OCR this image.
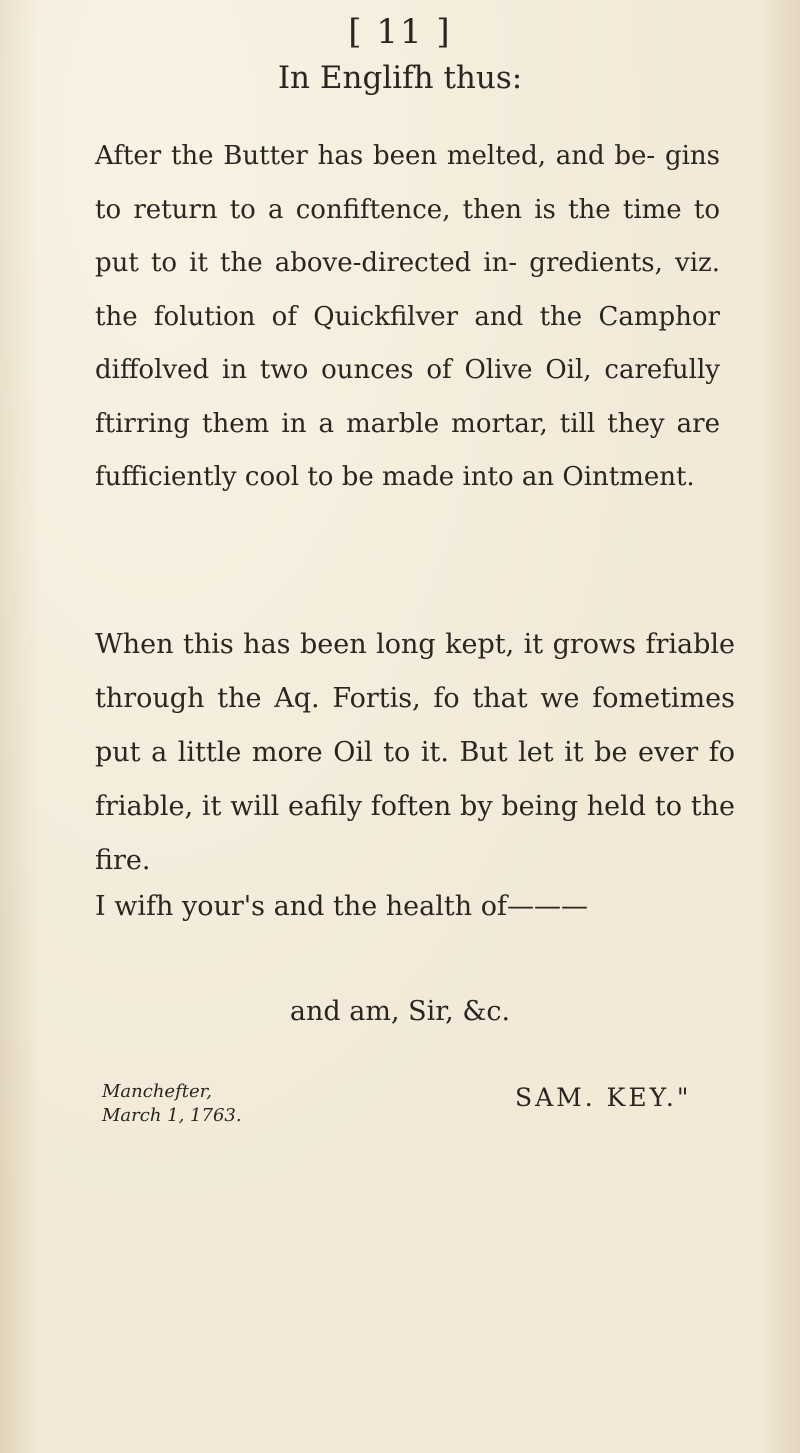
[ 11 ]
In Englifh thus:
After the Butter has been melted, and be- gins to return to a confiftence, then is the time to put to it the above-directed in- gredients, viz. the folution of Quickfilver and the Camphor diffolved in two ounces of Olive Oil, carefully ftirring them in a marble mortar, till they are fufficiently cool to be made into an Ointment.
When this has been long kept, it grows friable through the Aq. Fortis, fo that we fometimes put a little more Oil to it. But let it be ever fo friable, it will eafily foften by being held to the fire.
I wifh your's and the health of———
and am, Sir, &c.
Manchefter,
March 1, 1763.
SAM. KEY."
